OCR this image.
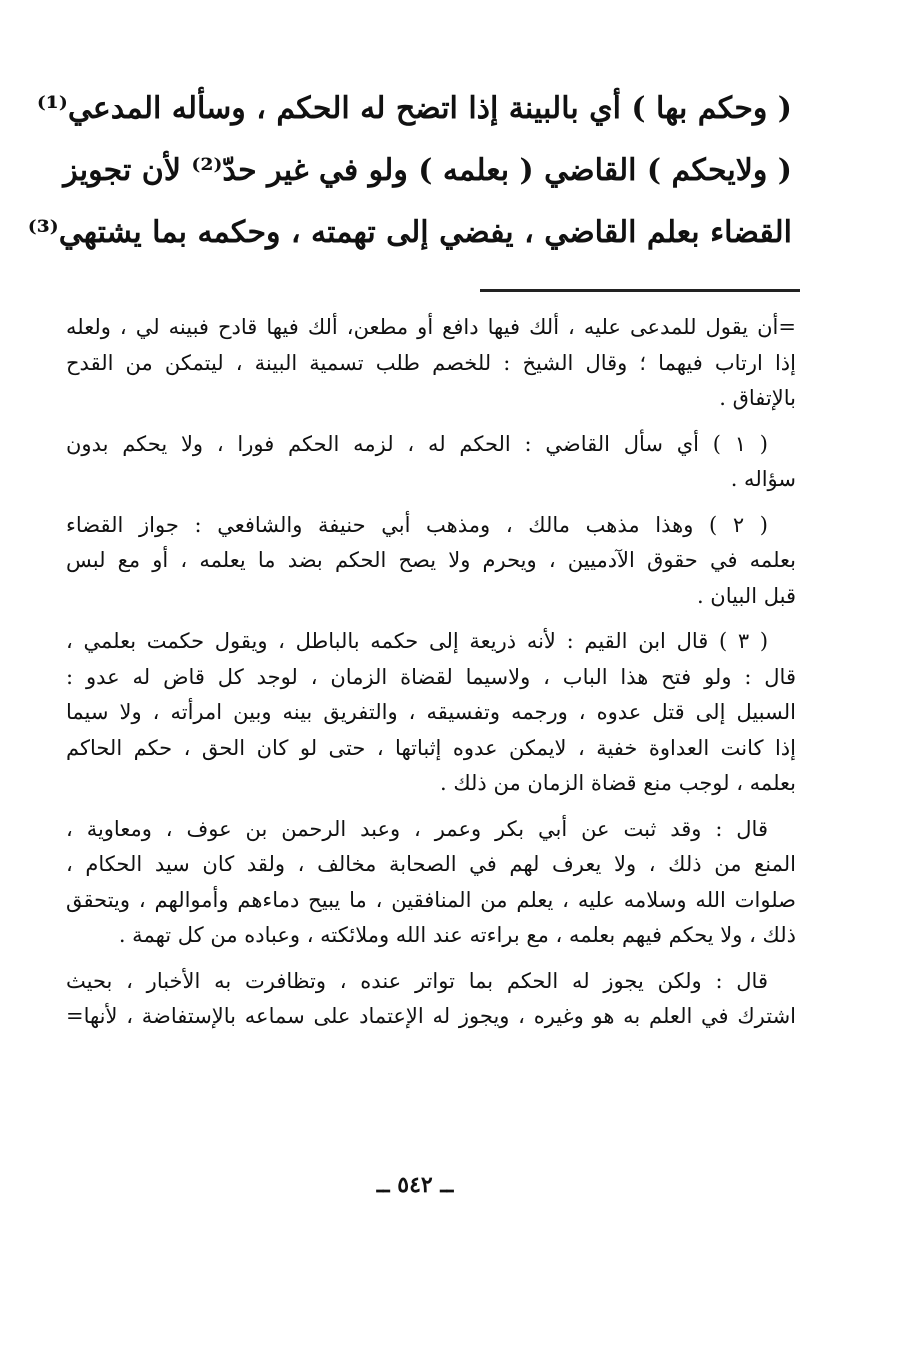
( وحكم بها ) أي بالبينة إذا اتضح له الحكم ، وسأله المدعي⁽¹⁾
( ولايحكم ) القاضي ( بعلمه ) ولو في غير حدّ⁽²⁾ لأن تجويز
القضاء بعلم القاضي ، يفضي إلى تهمته ، وحكمه بما يشتهي⁽³⁾
=أن يقول للمدعى عليه ، ألك فيها دافع أو مطعن، ألك فيها قادح فبينه لي ، ولعله
إذا ارتاب فيهما ؛ وقال الشيخ : للخصم طلب تسمية البينة ، ليتمكن من القدح
بالإتفاق .
( ۱ ) أي سأل القاضي : الحكم له ، لزمه الحكم فورا ، ولا يحكم بدون
سؤاله .
( ۲ ) وهذا مذهب مالك ، ومذهب أبي حنيفة والشافعي : جواز القضاء
بعلمه في حقوق الآدميين ، ويحرم ولا يصح الحكم بضد ما يعلمه ، أو مع لبس
قبل البيان .
( ۳ ) قال ابن القيم : لأنه ذريعة إلى حكمه بالباطل ، ويقول حكمت بعلمي ،
قال : ولو فتح هذا الباب ، ولاسيما لقضاة الزمان ، لوجد كل قاض له عدو :
السبيل إلى قتل عدوه ، ورجمه وتفسيقه ، والتفريق بينه وبين امرأته ، ولا سيما
إذا كانت العداوة خفية ، لايمكن عدوه إثباتها ، حتى لو كان الحق ، حكم الحاكم
بعلمه ، لوجب منع قضاة الزمان من ذلك .
قال : وقد ثبت عن أبي بكر وعمر ، وعبد الرحمن بن عوف ، ومعاوية ،
المنع من ذلك ، ولا يعرف لهم في الصحابة مخالف ، ولقد كان سيد الحكام ،
صلوات الله وسلامه عليه ، يعلم من المنافقين ، ما يبيح دماءهم وأموالهم ، ويتحقق
ذلك ، ولا يحكم فيهم بعلمه ، مع براءته عند الله وملائكته ، وعباده من كل تهمة .
قال : ولكن يجوز له الحكم بما تواتر عنده ، وتظافرت به الأخبار ، بحيث
اشترك في العلم به هو وغيره ، ويجوز له الإعتماد على سماعه بالإستفاضة ، لأنها=
ــ ٥٤٢ ــ
